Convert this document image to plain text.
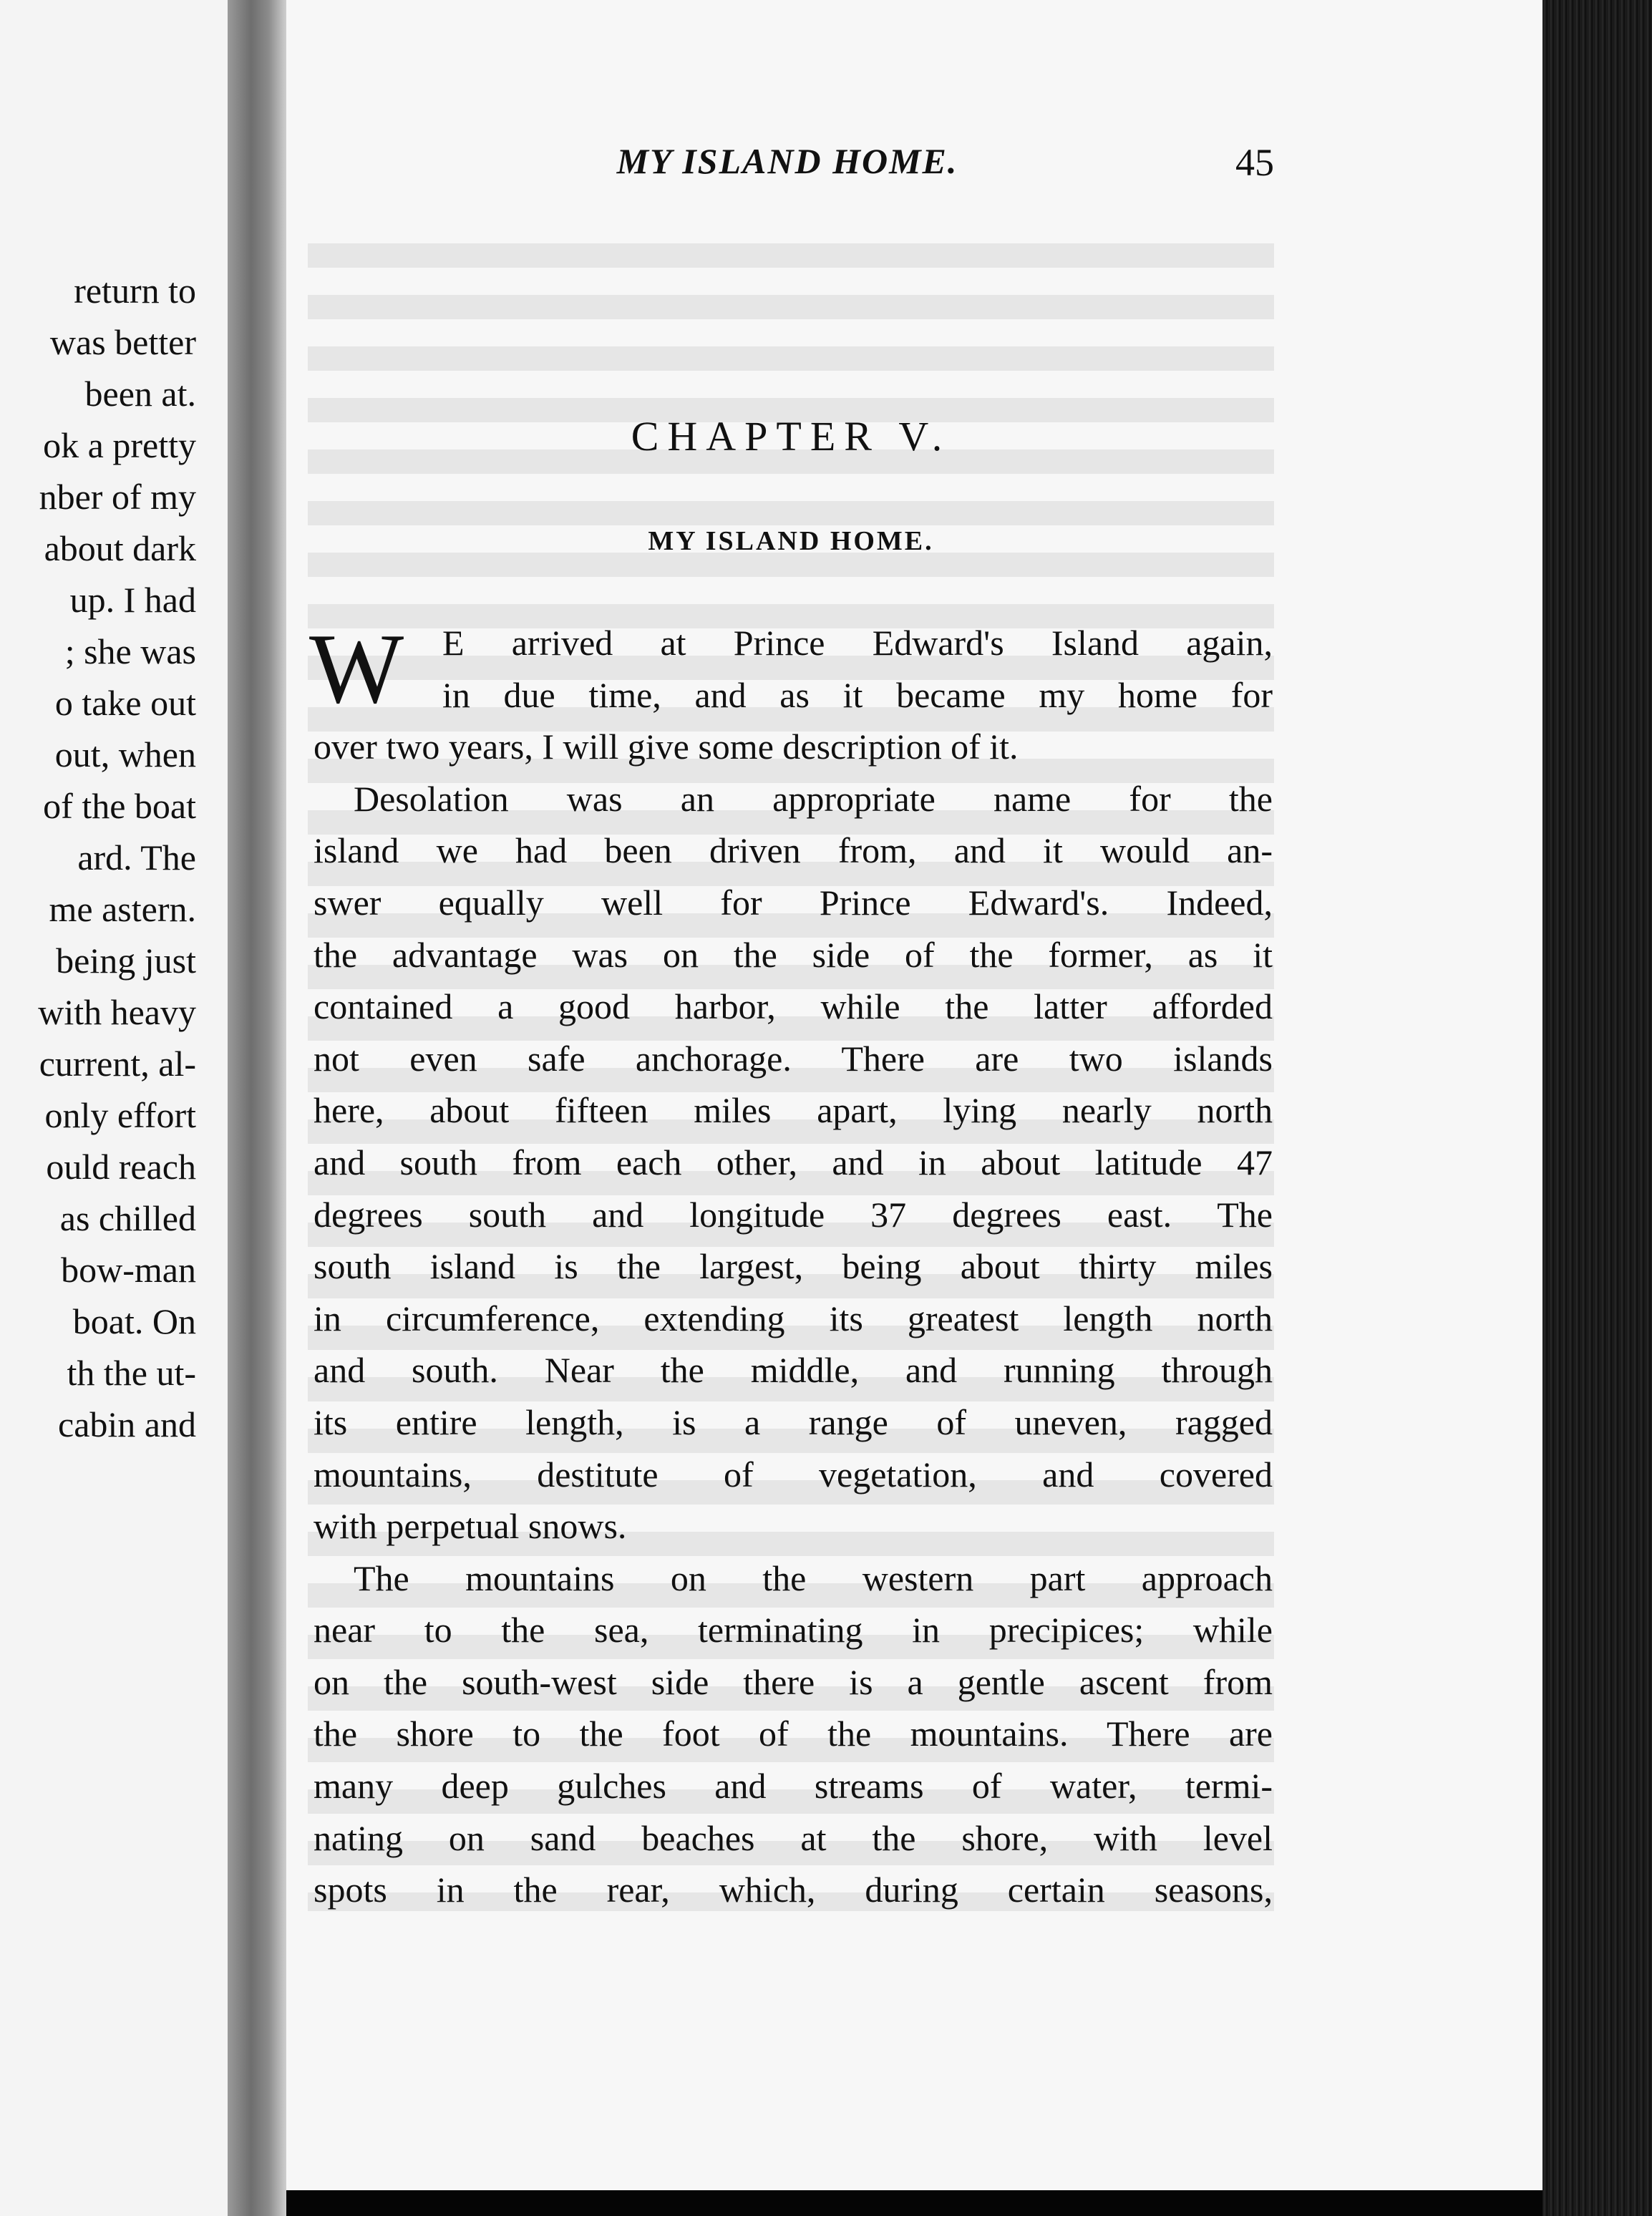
return to
was better
been at.
ok a pretty
nber of my
about dark
up. I had
; she was
o take out
out, when
of the boat
ard. The
me astern.
being just
with heavy
current, al-
only effort
ould reach
as chilled
bow-man
boat. On
th the ut-
cabin and
MY ISLAND HOME.	45
CHAPTER V.
MY ISLAND HOME.
W	E arrived at Prince Edward's Island again,
in due time, and as it became my home for
over two years, I will give some description of it.
Desolation was an appropriate name for the
island we had been driven from, and it would an-
swer equally well for Prince Edward's. Indeed,
the advantage was on the side of the former, as it
contained a good harbor, while the latter afforded
not even safe anchorage. There are two islands
here, about fifteen miles apart, lying nearly north
and south from each other, and in about latitude 47
degrees south and longitude 37 degrees east. The
south island is the largest, being about thirty miles
in circumference, extending its greatest length north
and south. Near the middle, and running through
its entire length, is a range of uneven, ragged
mountains, destitute of vegetation, and covered
with perpetual snows.
The mountains on the western part approach
near to the sea, terminating in precipices; while
on the south-west side there is a gentle ascent from
the shore to the foot of the mountains. There are
many deep gulches and streams of water, termi-
nating on sand beaches at the shore, with level
spots in the rear, which, during certain seasons,
